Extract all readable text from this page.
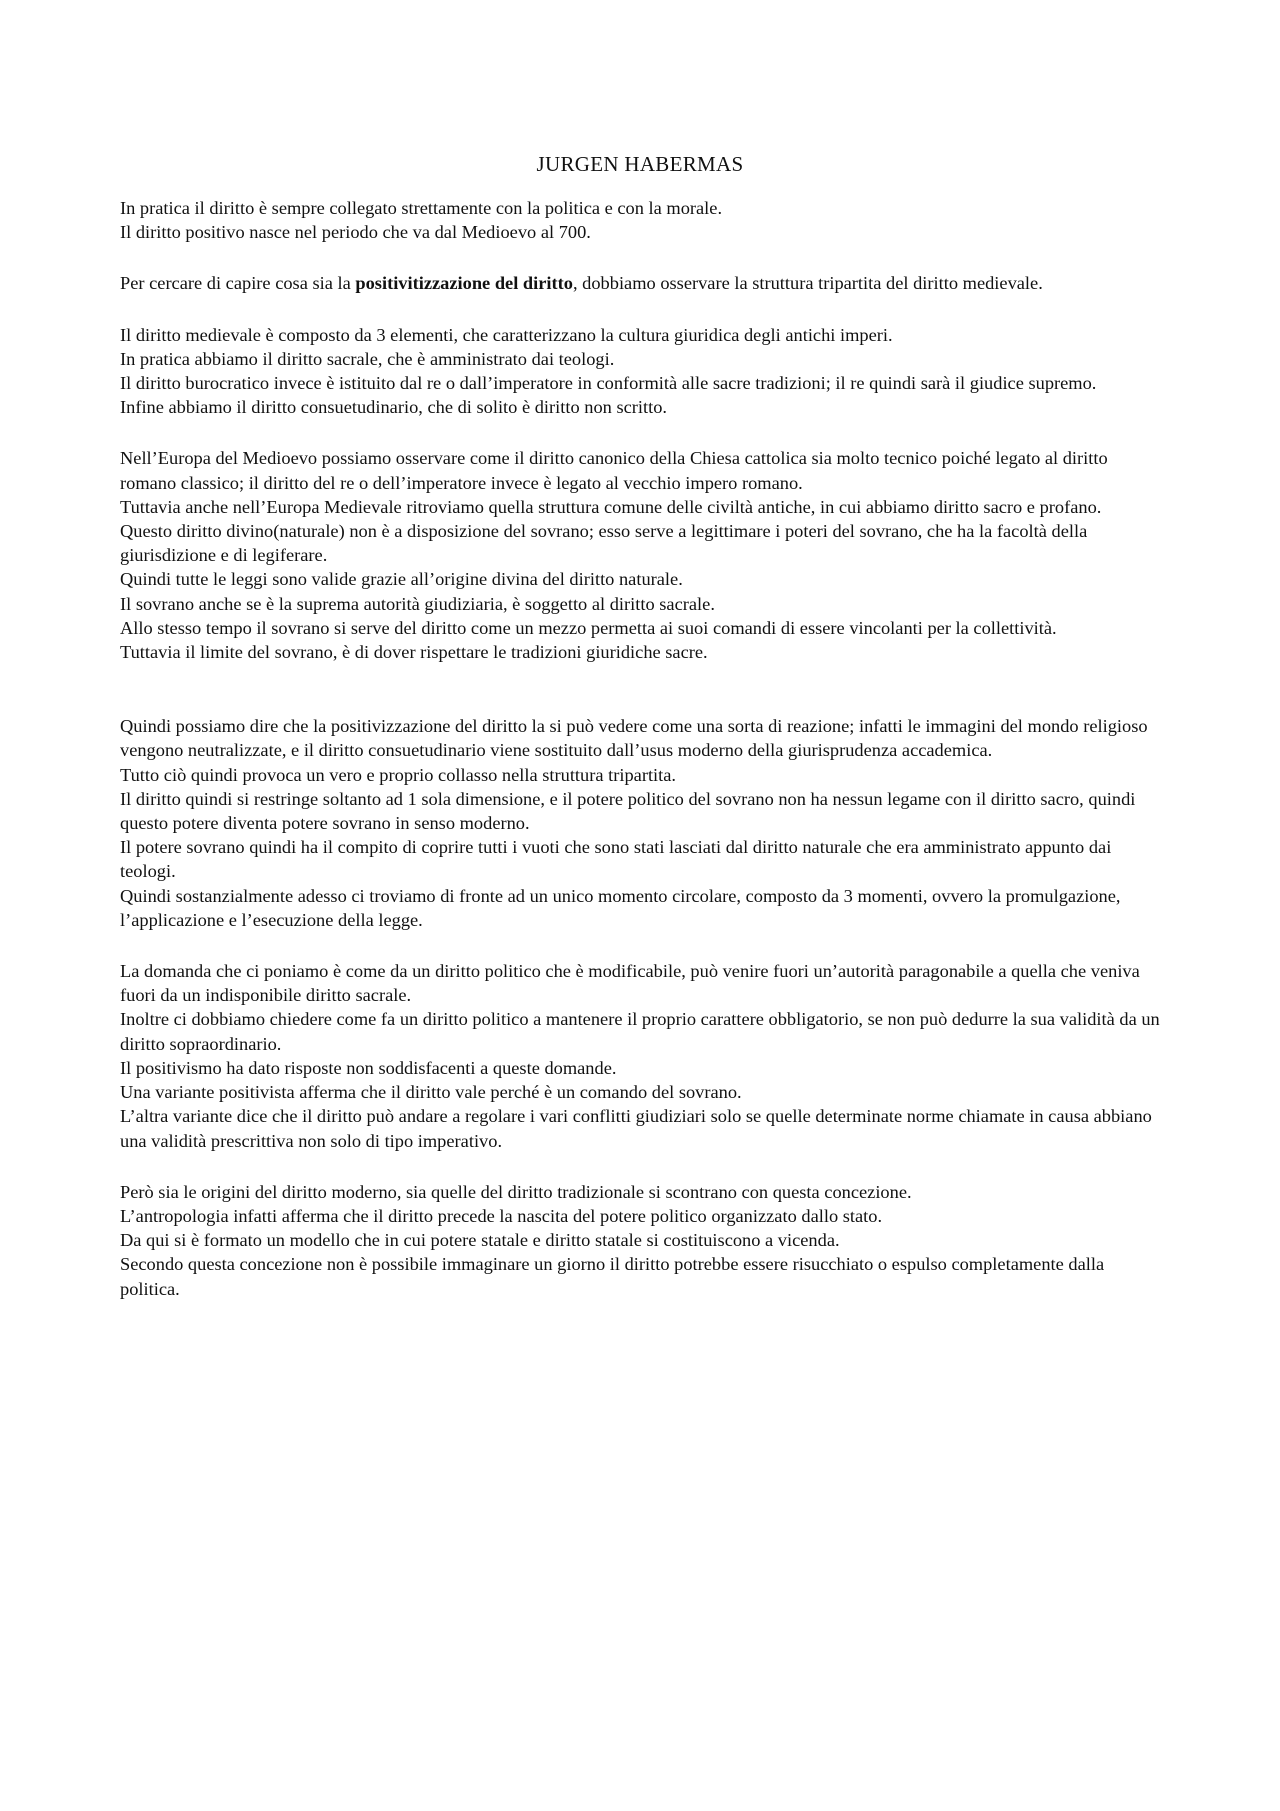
JURGEN HABERMAS

In pratica il diritto è sempre collegato strettamente con la politica e con la morale.
Il diritto positivo nasce nel periodo che va dal Medioevo al 700.

Per cercare di capire cosa sia la positivitizzazione del diritto, dobbiamo osservare la struttura tripartita del diritto medievale.

Il diritto medievale è composto da 3 elementi, che caratterizzano la cultura giuridica degli antichi imperi.
In pratica abbiamo il diritto sacrale, che è amministrato dai teologi.
Il diritto burocratico invece è istituito dal re o dall’imperatore in conformità alle sacre tradizioni; il re quindi sarà il giudice supremo.
Infine abbiamo il diritto consuetudinario, che di solito è diritto non scritto.

Nell’Europa del Medioevo possiamo osservare come il diritto canonico della Chiesa cattolica sia molto tecnico poiché legato al diritto romano classico; il diritto del re o dell’imperatore invece è legato al vecchio impero romano.
Tuttavia anche nell’Europa Medievale ritroviamo quella struttura comune delle civiltà antiche, in cui abbiamo diritto sacro e profano.
Questo diritto divino(naturale) non è a disposizione del sovrano; esso serve a legittimare i poteri del sovrano, che ha la facoltà della giurisdizione e di legiferare.
Quindi tutte le leggi sono valide grazie all’origine divina del diritto naturale.
Il sovrano anche se è la suprema autorità giudiziaria, è soggetto al diritto sacrale.
Allo stesso tempo il sovrano si serve del diritto come un mezzo permetta ai suoi comandi di essere vincolanti per la collettività.
Tuttavia il limite del sovrano, è di dover rispettare le tradizioni giuridiche sacre.

Quindi possiamo dire che la positivizzazione del diritto la si può vedere come una sorta di reazione; infatti le immagini del mondo religioso vengono neutralizzate, e il diritto consuetudinario viene sostituito dall’usus moderno della giurisprudenza accademica.
Tutto ciò quindi provoca un vero e proprio collasso nella struttura tripartita.
Il diritto quindi si restringe soltanto ad 1 sola dimensione, e il potere politico del sovrano non ha nessun legame con il diritto sacro, quindi questo potere diventa potere sovrano in senso moderno.
Il potere sovrano quindi ha il compito di coprire tutti i vuoti che sono stati lasciati dal diritto naturale che era amministrato appunto dai teologi.
Quindi sostanzialmente adesso ci troviamo di fronte ad un unico momento circolare, composto da 3 momenti, ovvero la promulgazione, l’applicazione e l’esecuzione della legge.

La domanda che ci poniamo è come da un diritto politico che è modificabile, può venire fuori un’autorità paragonabile a quella che veniva fuori da un indisponibile diritto sacrale.
Inoltre ci dobbiamo chiedere come fa un diritto politico a mantenere il proprio carattere obbligatorio, se non può dedurre la sua validità da un diritto sopraordinario.
Il positivismo ha dato risposte non soddisfacenti a queste domande.
Una variante positivista afferma che il diritto vale perché è un comando del sovrano.
L’altra variante dice che il diritto può andare a regolare i vari conflitti giudiziari solo se quelle determinate norme chiamate in causa abbiano una validità prescrittiva non solo di tipo imperativo.

Però sia le origini del diritto moderno, sia quelle del diritto tradizionale si scontrano con questa concezione.
L’antropologia infatti afferma che il diritto precede la nascita del potere politico organizzato dallo stato.
Da qui si è formato un modello che in cui potere statale e diritto statale si costituiscono a vicenda.
Secondo questa concezione non è possibile immaginare un giorno il diritto potrebbe essere risucchiato o espulso completamente dalla politica.
